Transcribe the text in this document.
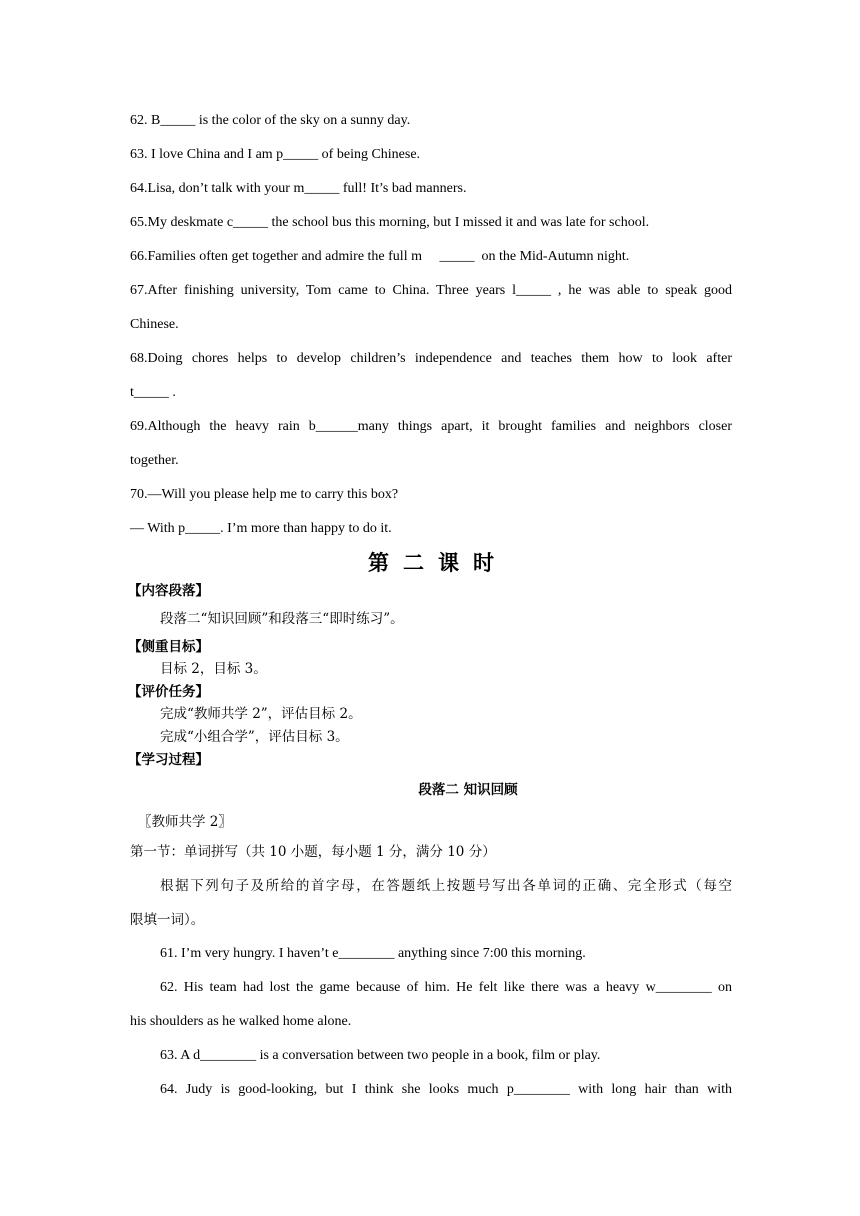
62. B_____ is the color of the sky on a sunny day.
63. I love China and I am p_____ of being Chinese.
64.Lisa, don’t talk with your m_____ full! It’s bad manners.
65.My deskmate c_____ the school bus this morning, but I missed it and was late for school.
66.Families often get together and admire the full m     _____  on the Mid-Autumn night.
67.After finishing university, Tom came to China. Three years l_____ , he was able to speak good
Chinese.
68.Doing chores helps to develop children’s independence and teaches them how to look after
t_____ .
69.Although the heavy rain b______many things apart, it brought families and neighbors closer
together.
70.—Will you please help me to carry this box?
— With p_____. I’m more than happy to do it.
第二课时
【内容段落】
段落二“知识回顾”和段落三“即时练习”。
【侧重目标】
目标 2，目标 3。
【评价任务】
完成“教师共学 2”，评估目标 2。
完成“小组合学”，评估目标 3。
【学习过程】
段落二 知识回顾
〖教师共学 2〗
第一节：单词拼写（共 10 小题，每小题 1 分，满分 10 分）
根据下列句子及所给的首字母，在答题纸上按题号写出各单词的正确、完全形式（每空
限填一词）。
61. I’m very hungry. I haven’t e________ anything since 7:00 this morning.
62. His team had lost the game because of him. He felt like there was a heavy w________ on
his shoulders as he walked home alone.
63. A d________ is a conversation between two people in a book, film or play.
64. Judy is good-looking, but I think she looks much p________ with long hair than with
